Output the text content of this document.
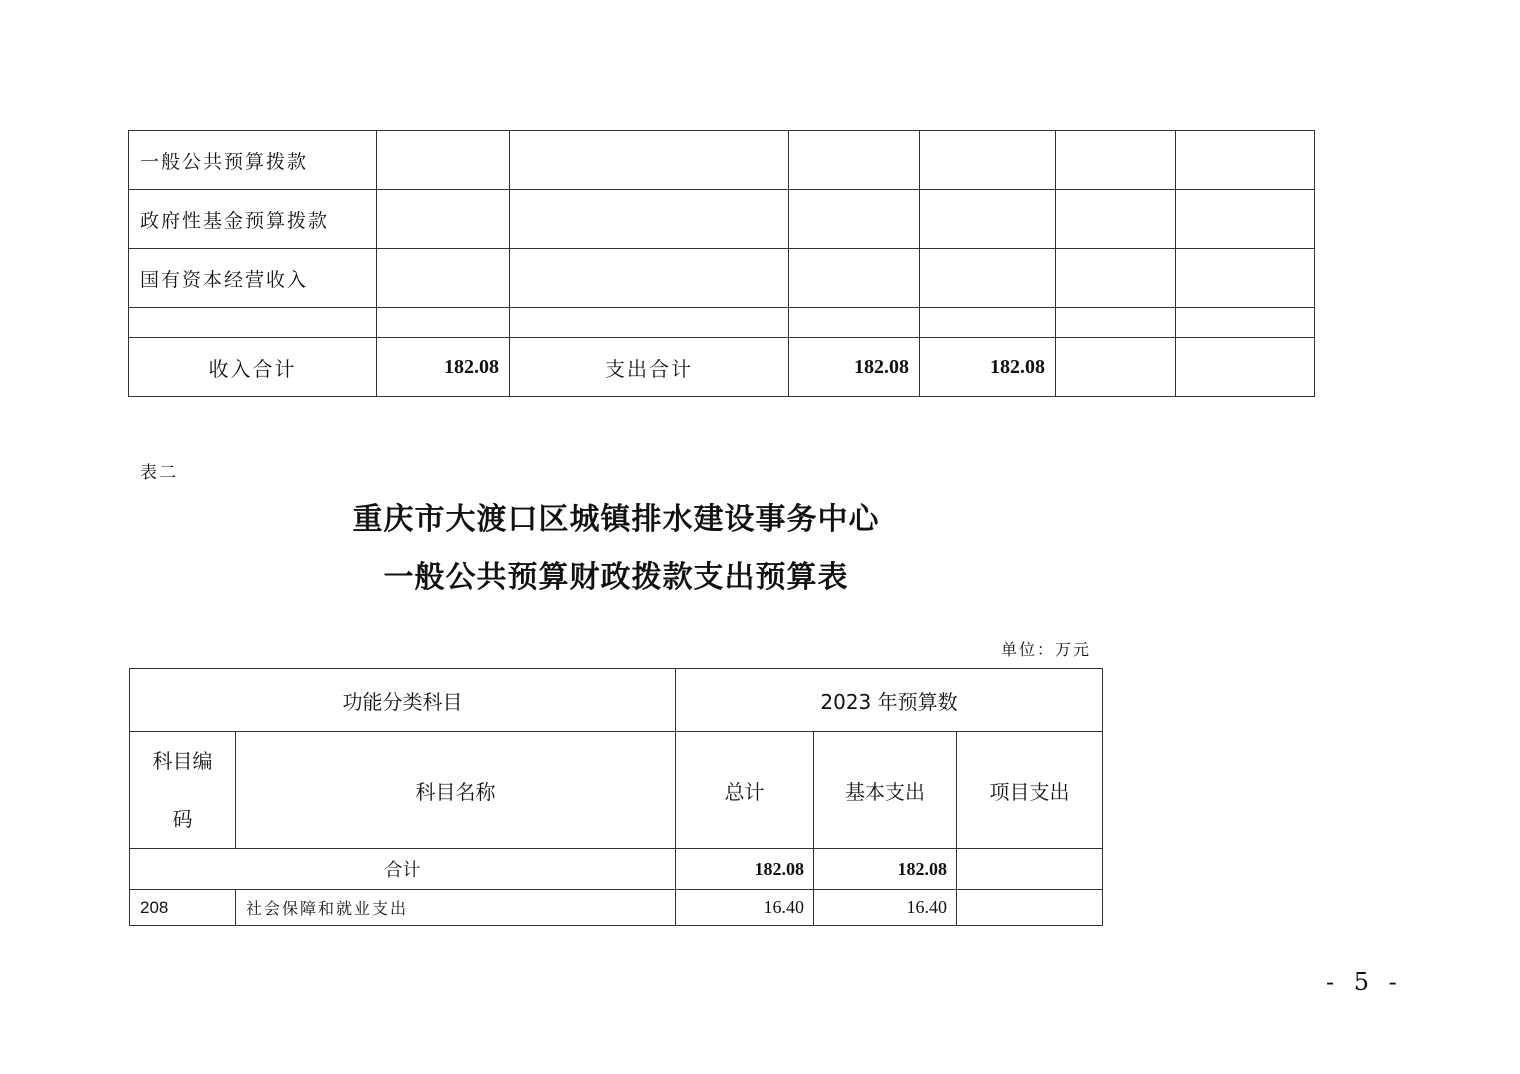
一般公共预算拨款						
政府性基金预算拨款						
国有资本经营收入						

收入合计	182.08	支出合计	182.08	182.08		
表二
重庆市大渡口区城镇排水建设事务中心
一般公共预算财政拨款支出预算表
单位：万元
功能分类科目		2023 年预算数		

科目编
码	科目名称	总计	基本支出	项目支出
合计		182.08	182.08	
208	社会保障和就业支出	16.40	16.40	
- 5 -
